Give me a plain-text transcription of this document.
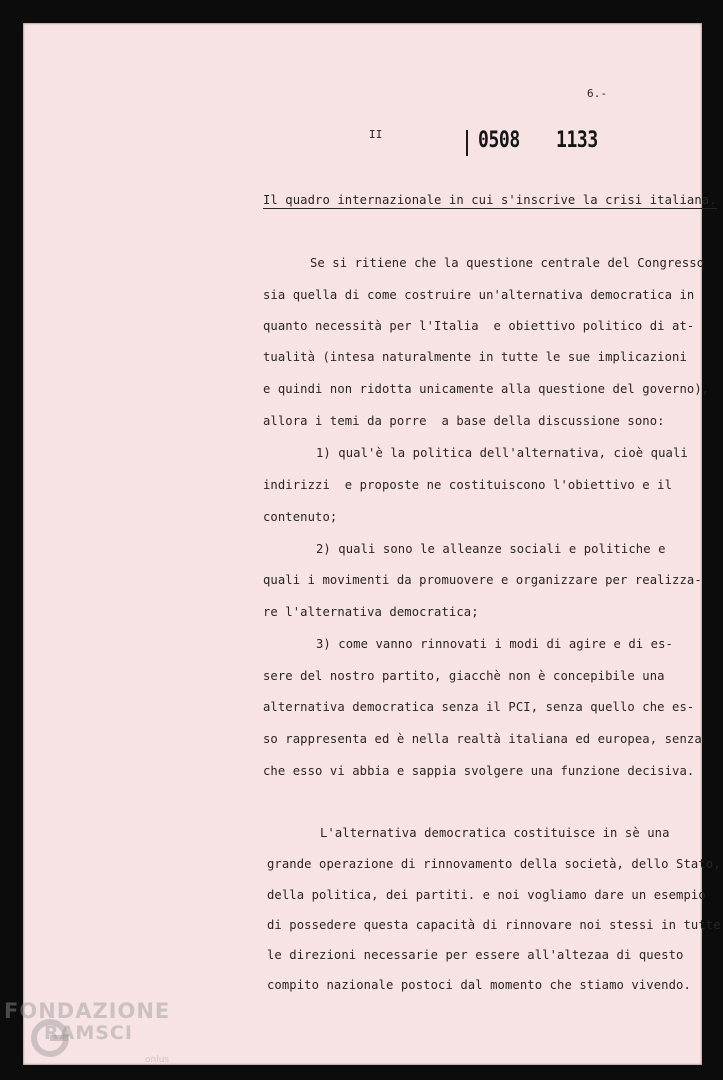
6.-
II	0508 1133
Il quadro internazionale in cui s'inscrive la crisi italiana.
Se si ritiene che la questione centrale del Congresso
sia quella di come costruire un'alternativa democratica in
quanto necessità per l'Italia  e obiettivo politico di at-
tualità (intesa naturalmente in tutte le sue implicazioni
e quindi non ridotta unicamente alla questione del governo),
allora i temi da porre  a base della discussione sono:
1) qual'è la politica dell'alternativa, cioè quali
indirizzi  e proposte ne costituiscono l'obiettivo e il
contenuto;
2) quali sono le alleanze sociali e politiche e
quali i movimenti da promuovere e organizzare per realizza-
re l'alternativa democratica;
3) come vanno rinnovati i modi di agire e di es-
sere del nostro partito, giacchè non è concepibile una
alternativa democratica senza il PCI, senza quello che es-
so rappresenta ed è nella realtà italiana ed europea, senza
che esso vi abbia e sappia svolgere una funzione decisiva.
L'alternativa democratica costituisce in sè una
grande operazione di rinnovamento della società, dello Stato,
della politica, dei partiti. e noi vogliamo dare un esempio
di possedere questa capacità di rinnovare noi stessi in tutte
le direzioni necessarie per essere all'altezaa di questo
compito nazionale postoci dal momento che stiamo vivendo.
FONDAZIONE
RAMSCI
onlus
